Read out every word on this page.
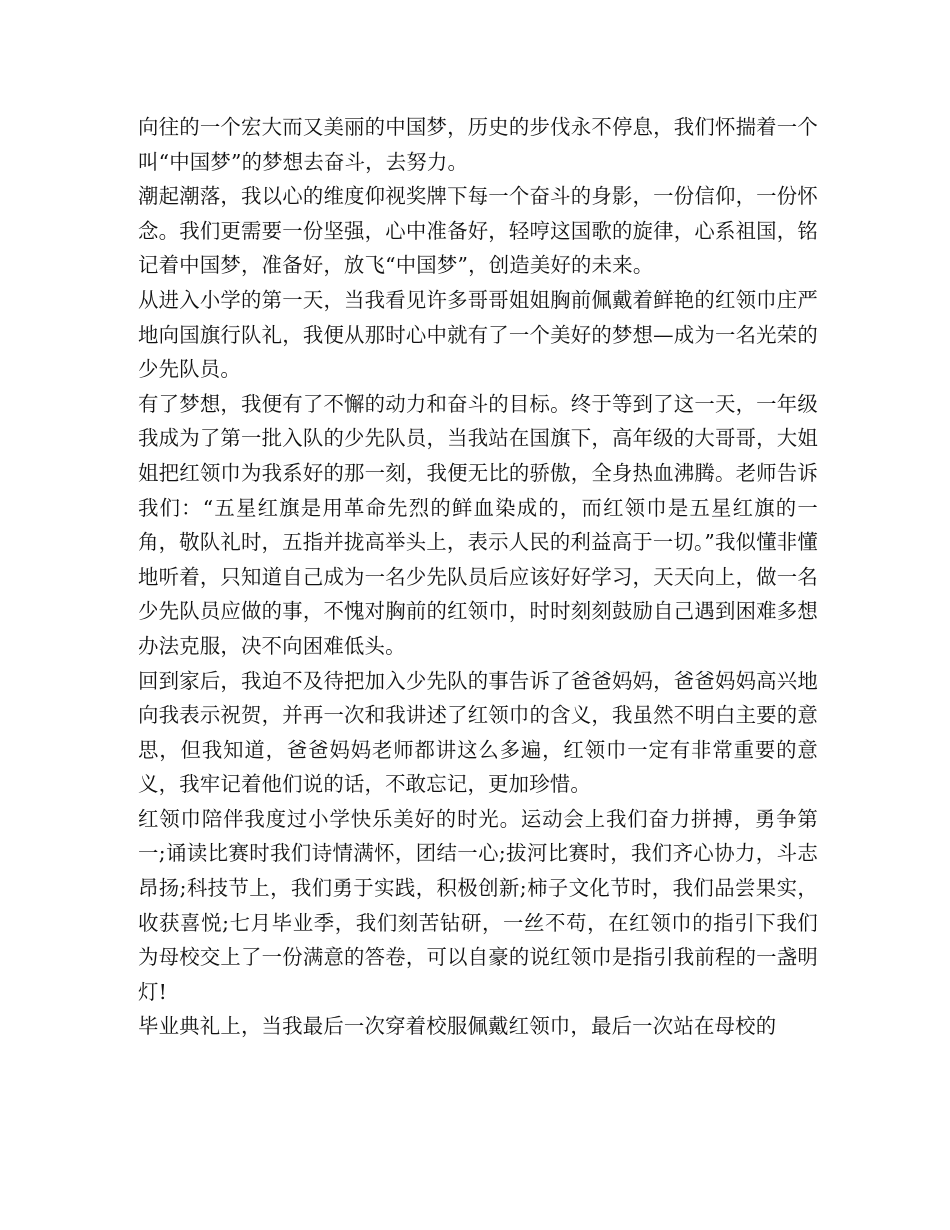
向往的一个宏大而又美丽的中国梦，历史的步伐永不停息，我们怀揣着一个叫“中国梦”的梦想去奋斗，去努力。

潮起潮落，我以心的维度仰视奖牌下每一个奋斗的身影，一份信仰，一份怀念。我们更需要一份坚强，心中准备好，轻哼这国歌的旋律，心系祖国，铭记着中国梦，准备好，放飞“中国梦”，创造美好的未来。

从进入小学的第一天，当我看见许多哥哥姐姐胸前佩戴着鲜艳的红领巾庄严地向国旗行队礼，我便从那时心中就有了一个美好的梦想—成为一名光荣的少先队员。

有了梦想，我便有了不懈的动力和奋斗的目标。终于等到了这一天，一年级我成为了第一批入队的少先队员，当我站在国旗下，高年级的大哥哥，大姐姐把红领巾为我系好的那一刻，我便无比的骄傲，全身热血沸腾。老师告诉我们：“五星红旗是用革命先烈的鲜血染成的，而红领巾是五星红旗的一角，敬队礼时，五指并拢高举头上，表示人民的利益高于一切。”我似懂非懂地听着，只知道自己成为一名少先队员后应该好好学习，天天向上，做一名少先队员应做的事，不愧对胸前的红领巾，时时刻刻鼓励自己遇到困难多想办法克服，决不向困难低头。

回到家后，我迫不及待把加入少先队的事告诉了爸爸妈妈，爸爸妈妈高兴地向我表示祝贺，并再一次和我讲述了红领巾的含义，我虽然不明白主要的意思，但我知道，爸爸妈妈老师都讲这么多遍，红领巾一定有非常重要的意义，我牢记着他们说的话，不敢忘记，更加珍惜。

红领巾陪伴我度过小学快乐美好的时光。运动会上我们奋力拼搏，勇争第一;诵读比赛时我们诗情满怀，团结一心;拔河比赛时，我们齐心协力，斗志昂扬;科技节上，我们勇于实践，积极创新;柿子文化节时，我们品尝果实，收获喜悦;七月毕业季，我们刻苦钻研，一丝不苟，在红领巾的指引下我们为母校交上了一份满意的答卷，可以自豪的说红领巾是指引我前程的一盏明灯!

毕业典礼上，当我最后一次穿着校服佩戴红领巾，最后一次站在母校的
